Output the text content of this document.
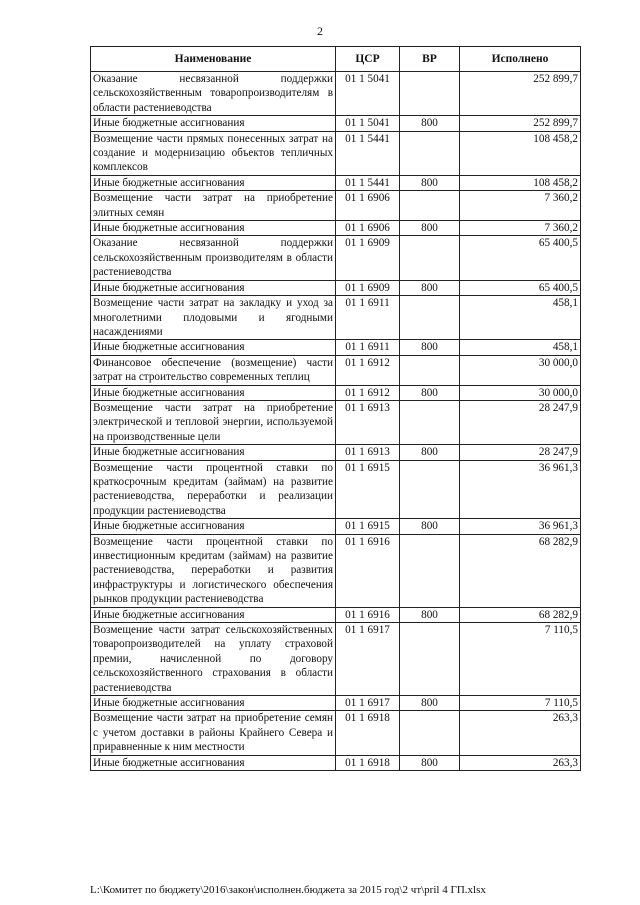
2
Наименование	ЦСР	ВР	Исполнено
Оказание несвязанной поддержки сельскохозяйственным товаропроизводителям в области растениеводства	01 1 5041		252 899,7
Иные бюджетные ассигнования	01 1 5041	800	252 899,7
Возмещение части прямых понесенных затрат на создание и модернизацию объектов тепличных комплексов	01 1 5441		108 458,2
Иные бюджетные ассигнования	01 1 5441	800	108 458,2
Возмещение части затрат на приобретение элитных семян	01 1 6906		7 360,2
Иные бюджетные ассигнования	01 1 6906	800	7 360,2
Оказание несвязанной поддержки сельскохозяйственным производителям в области растениеводства	01 1 6909		65 400,5
Иные бюджетные ассигнования	01 1 6909	800	65 400,5
Возмещение части затрат на закладку и уход за многолетними плодовыми и ягодными насаждениями	01 1 6911		458,1
Иные бюджетные ассигнования	01 1 6911	800	458,1
Финансовое обеспечение (возмещение) части затрат на строительство современных теплиц	01 1 6912		30 000,0
Иные бюджетные ассигнования	01 1 6912	800	30 000,0
Возмещение части затрат на приобретение электрической и тепловой энергии, используемой на производственные цели	01 1 6913		28 247,9
Иные бюджетные ассигнования	01 1 6913	800	28 247,9
Возмещение части процентной ставки по краткосрочным кредитам (займам) на развитие растениеводства, переработки и реализации продукции растениеводства	01 1 6915		36 961,3
Иные бюджетные ассигнования	01 1 6915	800	36 961,3
Возмещение части процентной ставки по инвестиционным кредитам (займам) на развитие растениеводства, переработки и развития инфраструктуры и логистического обеспечения рынков продукции растениеводства	01 1 6916		68 282,9
Иные бюджетные ассигнования	01 1 6916	800	68 282,9
Возмещение части затрат сельскохозяйственных товаропроизводителей на уплату страховой премии, начисленной по договору сельскохозяйственного страхования в области растениеводства	01 1 6917		7 110,5
Иные бюджетные ассигнования	01 1 6917	800	7 110,5
Возмещение части затрат на приобретение семян с учетом доставки в районы Крайнего Севера и приравненные к ним местности	01 1 6918		263,3
Иные бюджетные ассигнования	01 1 6918	800	263,3
L:\Комитет по бюджету\2016\закон\исполнен.бюджета за 2015 год\2 чт\pril 4 ГП.xlsx
